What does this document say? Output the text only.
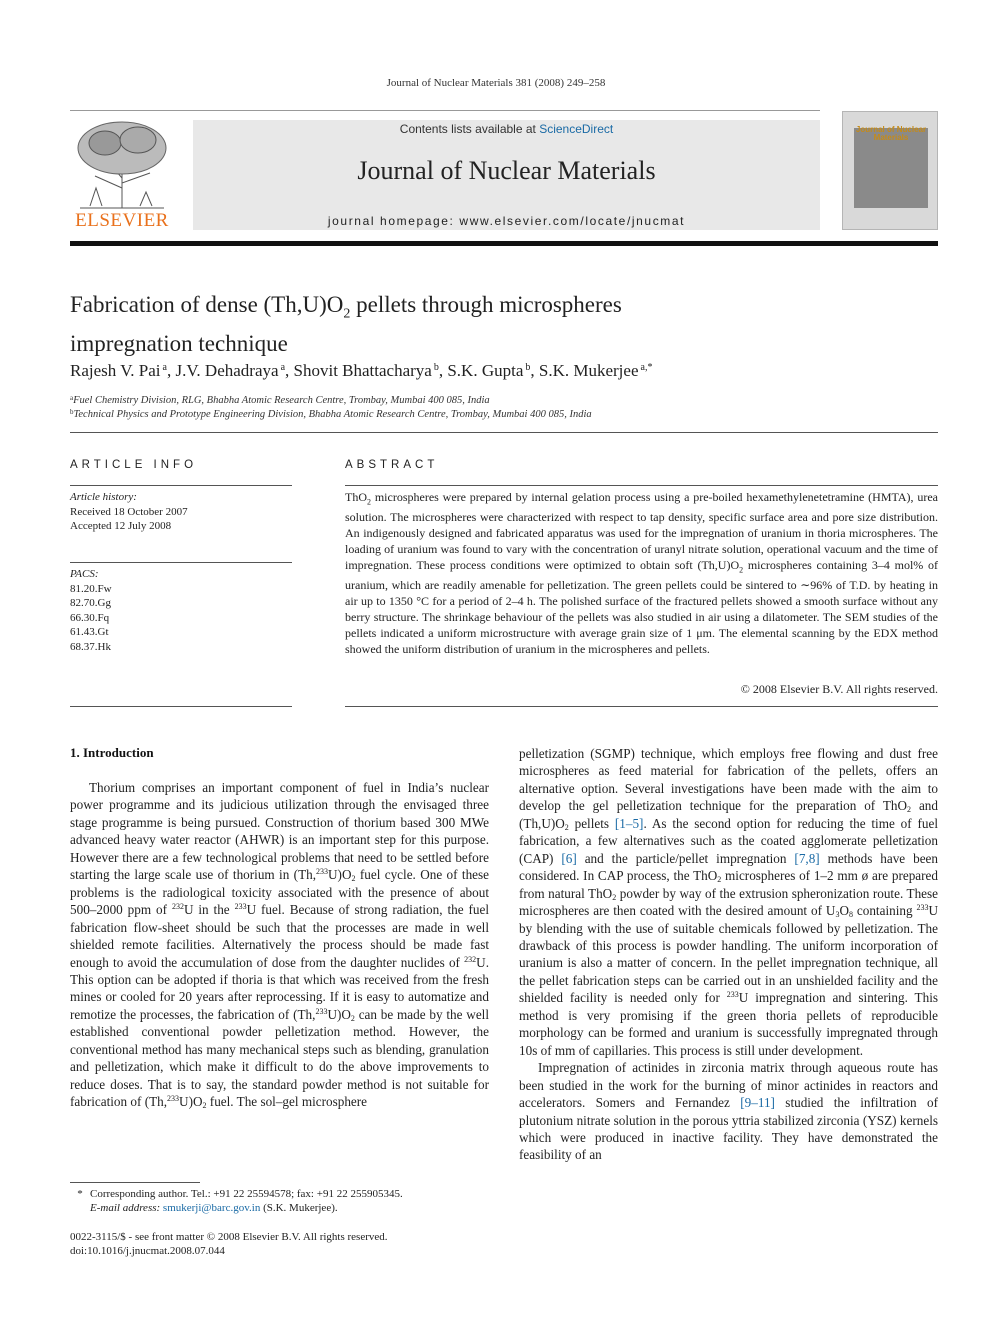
Journal of Nuclear Materials 381 (2008) 249–258
ELSEVIER
Contents lists available at ScienceDirect
Journal of Nuclear Materials
journal homepage: www.elsevier.com/locate/jnucmat
Journal of Nuclear Materials
Fabrication of dense $(Th,U)O_2$ pellets through microspheres
impregnation technique
Rajesh V. Pai $^a$, J.V. Dehadraya $^a$, Shovit Bhattacharya $^b$, S.K. Gupta $^b$, S.K. Mukerjee $^{a,*}$
$^a$Fuel Chemistry Division, RLG, Bhabha Atomic Research Centre, Trombay, Mumbai 400 085, India
$^b$Technical Physics and Prototype Engineering Division, Bhabha Atomic Research Centre, Trombay, Mumbai 400 085, India
ARTICLE INFO	ABSTRACT
Article history:
Received 18 October 2007
Accepted 12 July 2008
PACS:
81.20.Fw
82.70.Gg
66.30.Fq
61.43.Gt
68.37.Hk
ThO$_2$ microspheres were prepared by internal gelation process using a pre-boiled hexamethylenetetramine (HMTA), urea solution. The microspheres were characterized with respect to tap density, specific surface area and pore size distribution. An indigenously designed and fabricated apparatus was used for the impregnation of uranium in thoria microspheres. The loading of uranium was found to vary with the concentration of uranyl nitrate solution, operational vacuum and the time of impregnation. These process conditions were optimized to obtain soft $(Th,U)O_2$ microspheres containing 3–4 mol% of uranium, which are readily amenable for pelletization. The green pellets could be sintered to ∼96% of T.D. by heating in air up to 1350 °C for a period of 2–4 h. The polished surface of the fractured pellets showed a smooth surface without any berry structure. The shrinkage behaviour of the pellets was also studied in air using a dilatometer. The SEM studies of the pellets indicated a uniform microstructure with average grain size of 1 μm. The elemental scanning by the EDX method showed the uniform distribution of uranium in the microspheres and pellets.
© 2008 Elsevier B.V. All rights reserved.
1. Introduction

Thorium comprises an important component of fuel in India’s nuclear power programme and its judicious utilization through the envisaged three stage programme is being pursued. Construction of thorium based 300 MWe advanced heavy water reactor (AHWR) is an important step for this purpose. However there are a few technological problems that need to be settled before starting the large scale use of thorium in $(Th,^{233}U)O_2$ fuel cycle. One of these problems is the radiological toxicity associated with the presence of about 500–2000 ppm of $^{232}$U in the $^{233}$U fuel. Because of strong radiation, the fuel fabrication flow-sheet should be such that the processes are made in well shielded remote facilities. Alternatively the process should be made fast enough to avoid the accumulation of dose from the daughter nuclides of $^{232}$U. This option can be adopted if thoria is that which was received from the fresh mines or cooled for 20 years after reprocessing. If it is easy to automatize and remotize the processes, the fabrication of $(Th,^{233}U)O_2$ can be made by the well established conventional powder pelletization method. However, the conventional method has many mechanical steps such as blending, granulation and pelletization, which make it difficult to do the above improvements to reduce doses. That is to say, the standard powder method is not suitable for fabrication of $(Th,^{233}U)O_2$ fuel. The sol–gel microsphere

pelletization (SGMP) technique, which employs free flowing and dust free microspheres as feed material for fabrication of the pellets, offers an alternative option. Several investigations have been made with the aim to develop the gel pelletization technique for the preparation of ThO$_2$ and $(Th,U)O_2$ pellets [1–5]. As the second option for reducing the time of fuel fabrication, a few alternatives such as the coated agglomerate pelletization (CAP) [6] and the particle/pellet impregnation [7,8] methods have been considered. In CAP process, the ThO$_2$ microspheres of 1–2 mm ø are prepared from natural ThO$_2$ powder by way of the extrusion spheronization route. These microspheres are then coated with the desired amount of $U_3O_8$ containing $^{233}$U by blending with the use of suitable chemicals followed by pelletization. The drawback of this process is powder handling. The uniform incorporation of uranium is also a matter of concern. In the pellet impregnation technique, all the pellet fabrication steps can be carried out in an unshielded facility and the shielded facility is needed only for $^{233}$U impregnation and sintering. This method is very promising if the green thoria pellets of reproducible morphology can be formed and uranium is successfully impregnated through 10s of mm of capillaries. This process is still under development.

Impregnation of actinides in zirconia matrix through aqueous route has been studied in the work for the burning of minor actinides in reactors and accelerators. Somers and Fernandez [9–11] studied the infiltration of plutonium nitrate solution in the porous yttria stabilized zirconia (YSZ) kernels which were produced in inactive facility. They have demonstrated the feasibility of an

* Corresponding author. Tel.: +91 22 25594578; fax: +91 22 255905345.
E-mail address: smukerji@barc.gov.in (S.K. Mukerjee).
0022-3115/$ - see front matter © 2008 Elsevier B.V. All rights reserved.
doi:10.1016/j.jnucmat.2008.07.044
